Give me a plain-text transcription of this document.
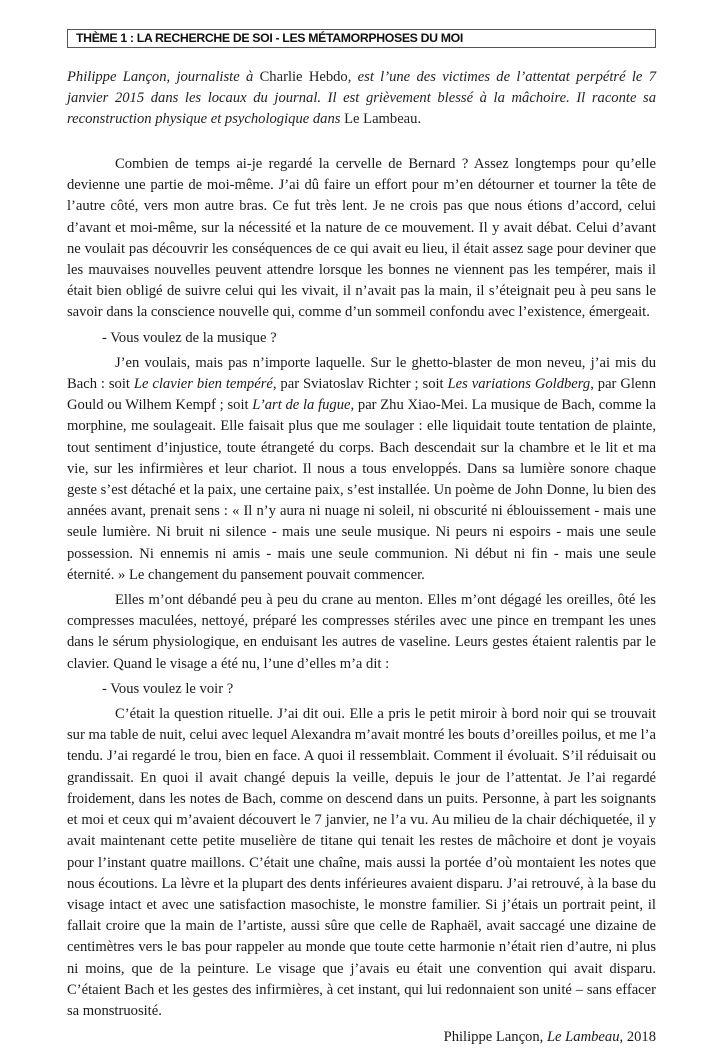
THÈME 1 : LA RECHERCHE DE SOI - LES MÉTAMORPHOSES DU MOI
Philippe Lançon, journaliste à Charlie Hebdo, est l’une des victimes de l’attentat perpétré le 7 janvier 2015 dans les locaux du journal. Il est grièvement blessé à la mâchoire. Il raconte sa reconstruction physique et psychologique dans Le Lambeau.

Combien de temps ai-je regardé la cervelle de Bernard ? Assez longtemps pour qu’elle devienne une partie de moi-même. J’ai dû faire un effort pour m’en détourner et tourner la tête de l’autre côté, vers mon autre bras. Ce fut très lent. Je ne crois pas que nous étions d’accord, celui d’avant et moi-même, sur la nécessité et la nature de ce mouvement. Il y avait débat. Celui d’avant ne voulait pas découvrir les conséquences de ce qui avait eu lieu, il était assez sage pour deviner que les mauvaises nouvelles peuvent attendre lorsque les bonnes ne viennent pas les tempérer, mais il était bien obligé de suivre celui qui les vivait, il n’avait pas la main, il s’éteignait peu à peu sans le savoir dans la conscience nouvelle qui, comme d’un sommeil confondu avec l’existence, émergeait.

- Vous voulez de la musique ?

J’en voulais, mais pas n’importe laquelle. Sur le ghetto-blaster de mon neveu, j’ai mis du Bach : soit Le clavier bien tempéré, par Sviatoslav Richter ; soit Les variations Goldberg, par Glenn Gould ou Wilhem Kempf ; soit L’art de la fugue, par Zhu Xiao-Mei. La musique de Bach, comme la morphine, me soulageait. Elle faisait plus que me soulager : elle liquidait toute tentation de plainte, tout sentiment d’injustice, toute étrangeté du corps. Bach descendait sur la chambre et le lit et ma vie, sur les infirmières et leur chariot. Il nous a tous enveloppés. Dans sa lumière sonore chaque geste s’est détaché et la paix, une certaine paix, s’est installée. Un poème de John Donne, lu bien des années avant, prenait sens : « Il n’y aura ni nuage ni soleil, ni obscurité ni éblouissement - mais une seule lumière. Ni bruit ni silence - mais une seule musique. Ni peurs ni espoirs - mais une seule possession. Ni ennemis ni amis - mais une seule communion. Ni début ni fin - mais une seule éternité. » Le changement du pansement pouvait commencer.

Elles m’ont débandé peu à peu du crane au menton. Elles m’ont dégagé les oreilles, ôté les compresses maculées, nettoyé, préparé les compresses stériles avec une pince en trempant les unes dans le sérum physiologique, en enduisant les autres de vaseline. Leurs gestes étaient ralentis par le clavier. Quand le visage a été nu, l’une d’elles m’a dit :

- Vous voulez le voir ?

C’était la question rituelle. J’ai dit oui. Elle a pris le petit miroir à bord noir qui se trouvait sur ma table de nuit, celui avec lequel Alexandra m’avait montré les bouts d’oreilles poilus, et me l’a tendu. J’ai regardé le trou, bien en face. A quoi il ressemblait. Comment il évoluait. S’il réduisait ou grandissait. En quoi il avait changé depuis la veille, depuis le jour de l’attentat. Je l’ai regardé froidement, dans les notes de Bach, comme on descend dans un puits. Personne, à part les soignants et moi et ceux qui m’avaient découvert le 7 janvier, ne l’a vu. Au milieu de la chair déchiquetée, il y avait maintenant cette petite muselière de titane qui tenait les restes de mâchoire et dont je voyais pour l’instant quatre maillons. C’était une chaîne, mais aussi la portée d’où montaient les notes que nous écoutions. La lèvre et la plupart des dents inférieures avaient disparu. J’ai retrouvé, à la base du visage intact et avec une satisfaction masochiste, le monstre familier. Si j’étais un portrait peint, il fallait croire que la main de l’artiste, aussi sûre que celle de Raphaël, avait saccagé une dizaine de centimètres vers le bas pour rappeler au monde que toute cette harmonie n’était rien d’autre, ni plus ni moins, que de la peinture. Le visage que j’avais eu était une convention qui avait disparu. C’étaient Bach et les gestes des infirmières, à cet instant, qui lui redonnaient son unité – sans effacer sa monstruosité.

Philippe Lançon, Le Lambeau, 2018
